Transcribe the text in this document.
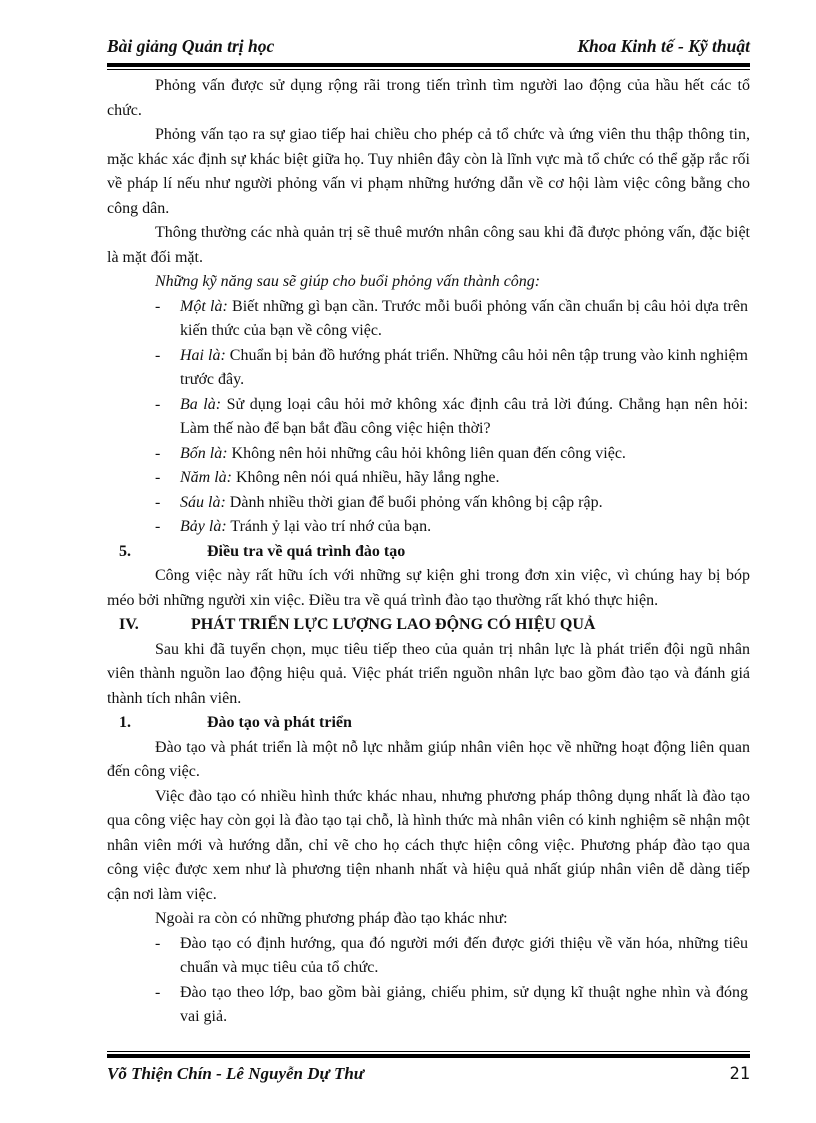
Bài giảng Quản trị học	Khoa Kinh tế - Kỹ thuật

Phỏng vấn được sử dụng rộng rãi trong tiến trình tìm người lao động của hầu hết các tổ chức.

Phỏng vấn tạo ra sự giao tiếp hai chiều cho phép cả tổ chức và ứng viên thu thập thông tin, mặc khác xác định sự khác biệt giữa họ. Tuy nhiên đây còn là lĩnh vực mà tổ chức có thể gặp rắc rối về pháp lí nếu như người phỏng vấn vi phạm những hướng dẫn về cơ hội làm việc công bằng cho công dân.

Thông thường các nhà quản trị sẽ thuê mướn nhân công sau khi đã được phỏng vấn, đặc biệt là mặt đối mặt.

Những kỹ năng sau sẽ giúp cho buổi phỏng vấn thành công:

- Một là: Biết những gì bạn cần. Trước mỗi buổi phỏng vấn cần chuẩn bị câu hỏi dựa trên kiến thức của bạn về công việc.
- Hai là: Chuẩn bị bản đồ hướng phát triển. Những câu hỏi nên tập trung vào kinh nghiệm trước đây.
- Ba là: Sử dụng loại câu hỏi mở không xác định câu trả lời đúng. Chẳng hạn nên hỏi: Làm thế nào để bạn bắt đầu công việc hiện thời?
- Bốn là: Không nên hỏi những câu hỏi không liên quan đến công việc.
- Năm là: Không nên nói quá nhiều, hãy lắng nghe.
- Sáu là: Dành nhiều thời gian để buổi phỏng vấn không bị cập rập.
- Bảy là: Tránh ỷ lại vào trí nhớ của bạn.
5.	Điều tra về quá trình đào tạo

Công việc này rất hữu ích với những sự kiện ghi trong đơn xin việc, vì chúng hay bị bóp méo bởi những người xin việc. Điều tra về quá trình đào tạo thường rất khó thực hiện.

IV.	PHÁT TRIỂN LỰC LƯỢNG LAO ĐỘNG CÓ HIỆU QUẢ

Sau khi đã tuyển chọn, mục tiêu tiếp theo của quản trị nhân lực là phát triển đội ngũ nhân viên thành nguồn lao động hiệu quả. Việc phát triển nguồn nhân lực bao gồm đào tạo và đánh giá thành tích nhân viên.

1.	Đào tạo và phát triển

Đào tạo và phát triển là một nỗ lực nhằm giúp nhân viên học về những hoạt động liên quan đến công việc.

Việc đào tạo có nhiều hình thức khác nhau, nhưng phương pháp thông dụng nhất là đào tạo qua công việc hay còn gọi là đào tạo tại chỗ, là hình thức mà nhân viên có kinh nghiệm sẽ nhận một nhân viên mới và hướng dẫn, chỉ vẽ cho họ cách thực hiện công việc. Phương pháp đào tạo qua công việc được xem như là phương tiện nhanh nhất và hiệu quả nhất giúp nhân viên dễ dàng tiếp cận nơi làm việc.

Ngoài ra còn có những phương pháp đào tạo khác như:

- Đào tạo có định hướng, qua đó người mới đến được giới thiệu về văn hóa, những tiêu chuẩn và mục tiêu của tổ chức.
- Đào tạo theo lớp, bao gồm bài giảng, chiếu phim, sử dụng kĩ thuật nghe nhìn và đóng vai giả.
Võ Thiện Chín - Lê Nguyễn Dự Thư	21
